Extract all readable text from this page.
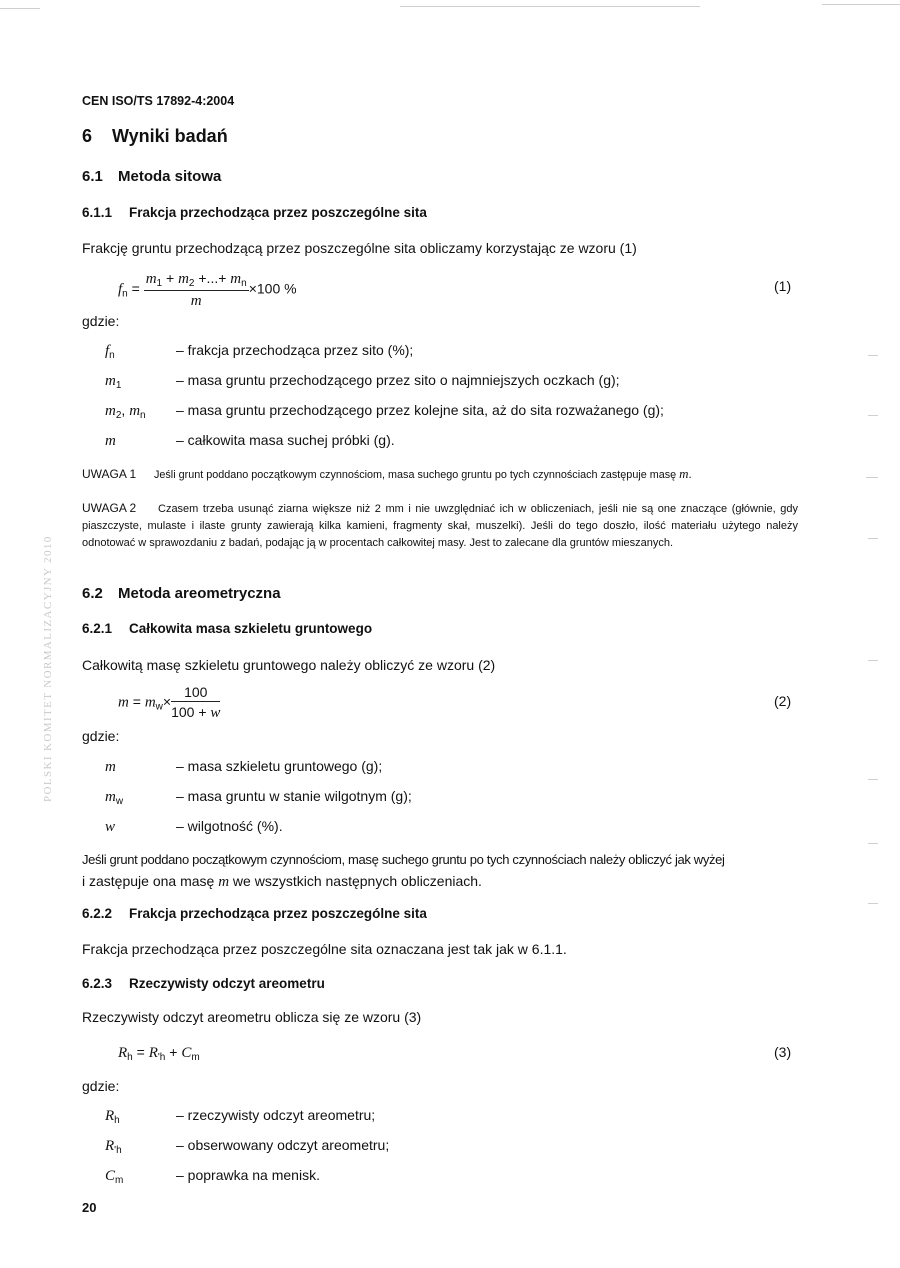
POLSKI KOMITET NORMALIZACYJNY 2010
CEN ISO/TS 17892-4:2004
6 Wyniki badań
6.1 Metoda sitowa
6.1.1 Frakcja przechodząca przez poszczególne sita
Frakcję gruntu przechodzącą przez poszczególne sita obliczamy korzystając ze wzoru (1)
$f_n = \frac{m_1 + m_2 +...+ m_n}{m} \times 100$ %	(1)
gdzie:
$f_n$	– frakcja przechodząca przez sito (%);
$m_1$	– masa gruntu przechodzącego przez sito o najmniejszych oczkach (g);
$m_2$, $m_n$ – masa gruntu przechodzącego przez kolejne sita, aż do sita rozważanego (g);
m	– całkowita masa suchej próbki (g).
UWAGA 1 Jeśli grunt poddano początkowym czynnościom, masa suchego gruntu po tych czynnościach zastępuje masę m.
UWAGA 2 Czasem trzeba usunąć ziarna większe niż 2 mm i nie uwzględniać ich w obliczeniach, jeśli nie są one znaczące (głównie, gdy piaszczyste, mulaste i ilaste grunty zawierają kilka kamieni, fragmenty skał, muszelki). Jeśli do tego doszło, ilość materiału użytego należy odnotować w sprawozdaniu z badań, podając ją w procentach całkowitej masy. Jest to zalecane dla gruntów mieszanych.
6.2 Metoda areometryczna
6.2.1 Całkowita masa szkieletu gruntowego
Całkowitą masę szkieletu gruntowego należy obliczyć ze wzoru (2)
$m = m_w\times \frac{100}{100 + w}$	(2)
gdzie:
m	– masa szkieletu gruntowego (g);
$m_w$	– masa gruntu w stanie wilgotnym (g);
w	– wilgotność (%).
Jeśli grunt poddano początkowym czynnościom, masę suchego gruntu po tych czynnościach należy obliczyć jak wyżej
i zastępuje ona masę m we wszystkich następnych obliczeniach.
6.2.2 Frakcja przechodząca przez poszczególne sita
Frakcja przechodząca przez poszczególne sita oznaczana jest tak jak w 6.1.1.
6.2.3 Rzeczywisty odczyt areometru
Rzeczywisty odczyt areometru oblicza się ze wzoru (3)
$R_h = R_{'h} + C_m$	(3)
gdzie:
$R_h$	– rzeczywisty odczyt areometru;
$R_{'h}$	– obserwowany odczyt areometru;
$C_m$	– poprawka na menisk.
20
